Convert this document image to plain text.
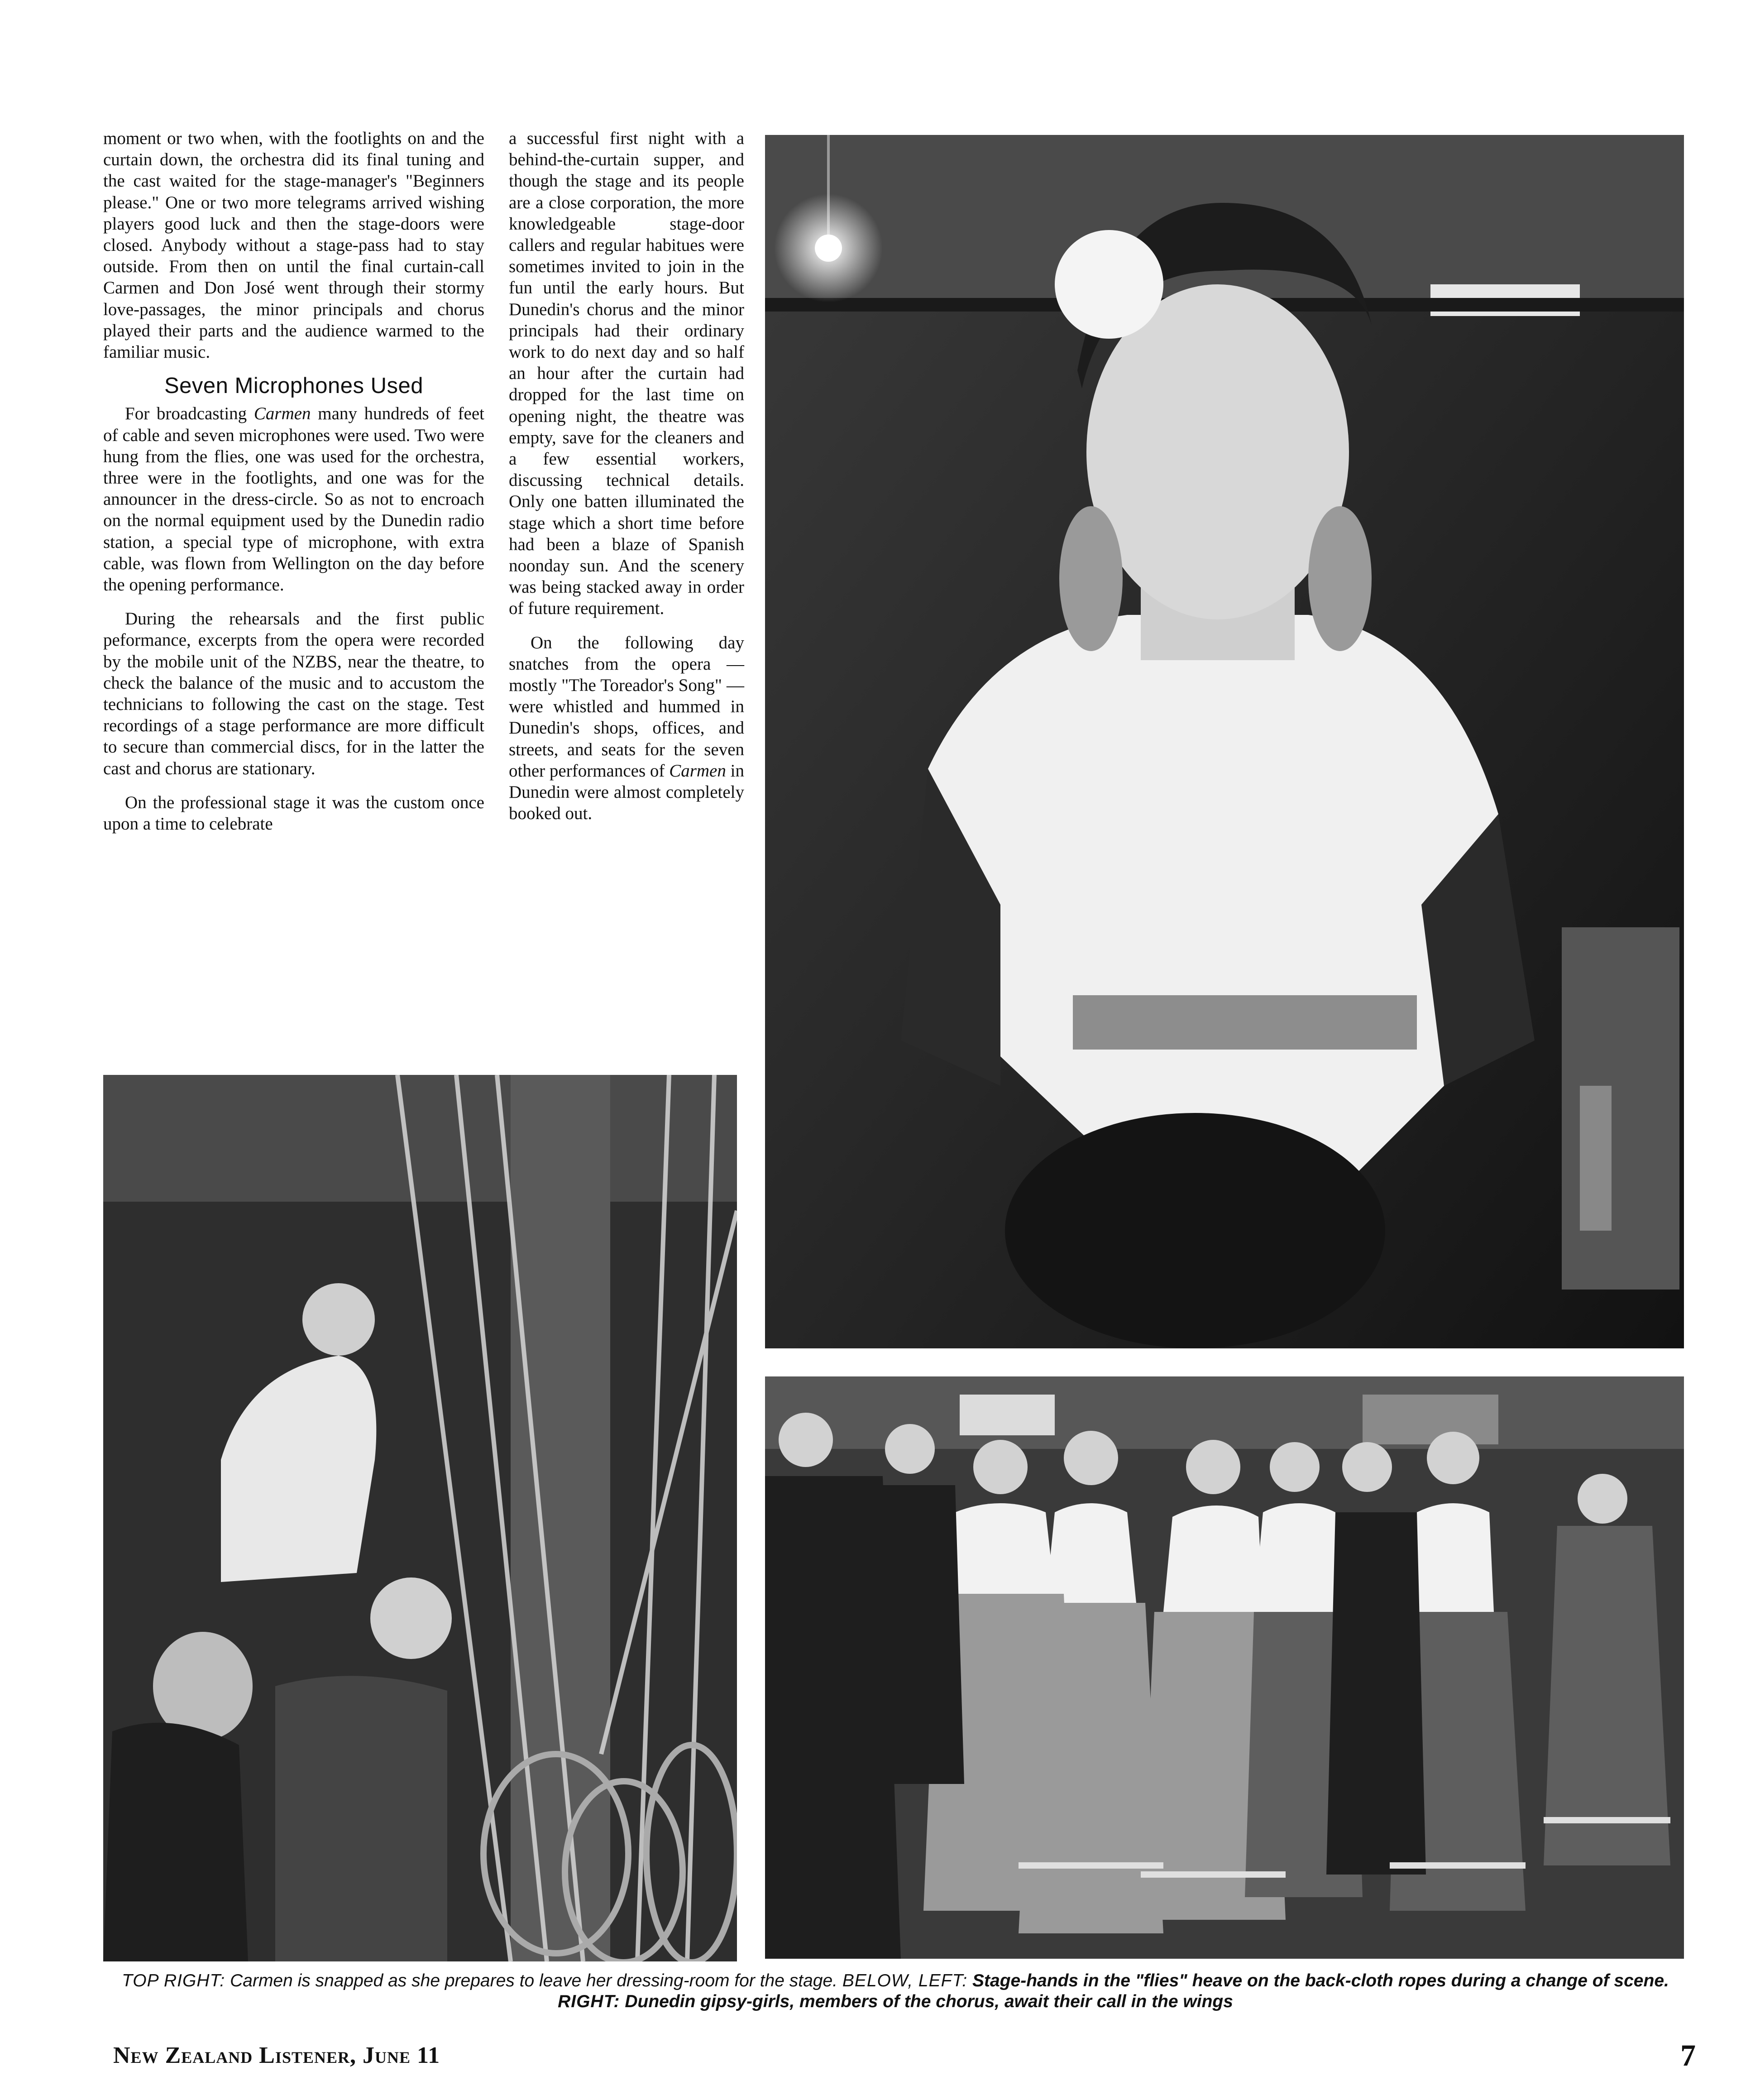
moment or two when, with the footlights on and the curtain down, the orchestra did its final tuning and the cast waited for the stage-manager's "Beginners please." One or two more telegrams arrived wishing players good luck and then the stage-doors were closed. Anybody without a stage-pass had to stay outside. From then on until the final curtain-call Carmen and Don José went through their stormy love-passages, the minor principals and chorus played their parts and the audience warmed to the familiar music.

Seven Microphones Used

For broadcasting Carmen many hundreds of feet of cable and seven microphones were used. Two were hung from the flies, one was used for the orchestra, three were in the footlights, and one was for the announcer in the dress-circle. So as not to encroach on the normal equipment used by the Dunedin radio station, a special type of microphone, with extra cable, was flown from Wellington on the day before the opening performance.

During the rehearsals and the first public peformance, excerpts from the opera were recorded by the mobile unit of the NZBS, near the theatre, to check the balance of the music and to accustom the technicians to following the cast on the stage. Test recordings of a stage performance are more difficult to secure than commercial discs, for in the latter the cast and chorus are stationary.

On the professional stage it was the custom once upon a time to celebrate

a successful first night with a behind-the-curtain supper, and though the stage and its people are a close corporation, the more knowledgeable stage-door callers and regular habitues were sometimes invited to join in the fun until the early hours. But Dunedin's chorus and the minor principals had their ordinary work to do next day and so half an hour after the curtain had dropped for the last time on opening night, the theatre was empty, save for the cleaners and a few essential workers, discussing technical details. Only one batten illuminated the stage which a short time before had been a blaze of Spanish noonday sun. And the scenery was being stacked away in order of future requirement.

On the following day snatches from the opera —mostly "The Toreador's Song" — were whistled and hummed in Dunedin's shops, offices, and streets, and seats for the seven other performances of Carmen in Dunedin were almost completely booked out.

TOP RIGHT: Carmen is snapped as she prepares to leave her dressing-room for the stage. BELOW, LEFT: Stage-hands in the "flies" heave on the back-cloth ropes during a change of scene. RIGHT: Dunedin gipsy-girls, members of the chorus, await their call in the wings
New Zealand Listener, June 11	7
